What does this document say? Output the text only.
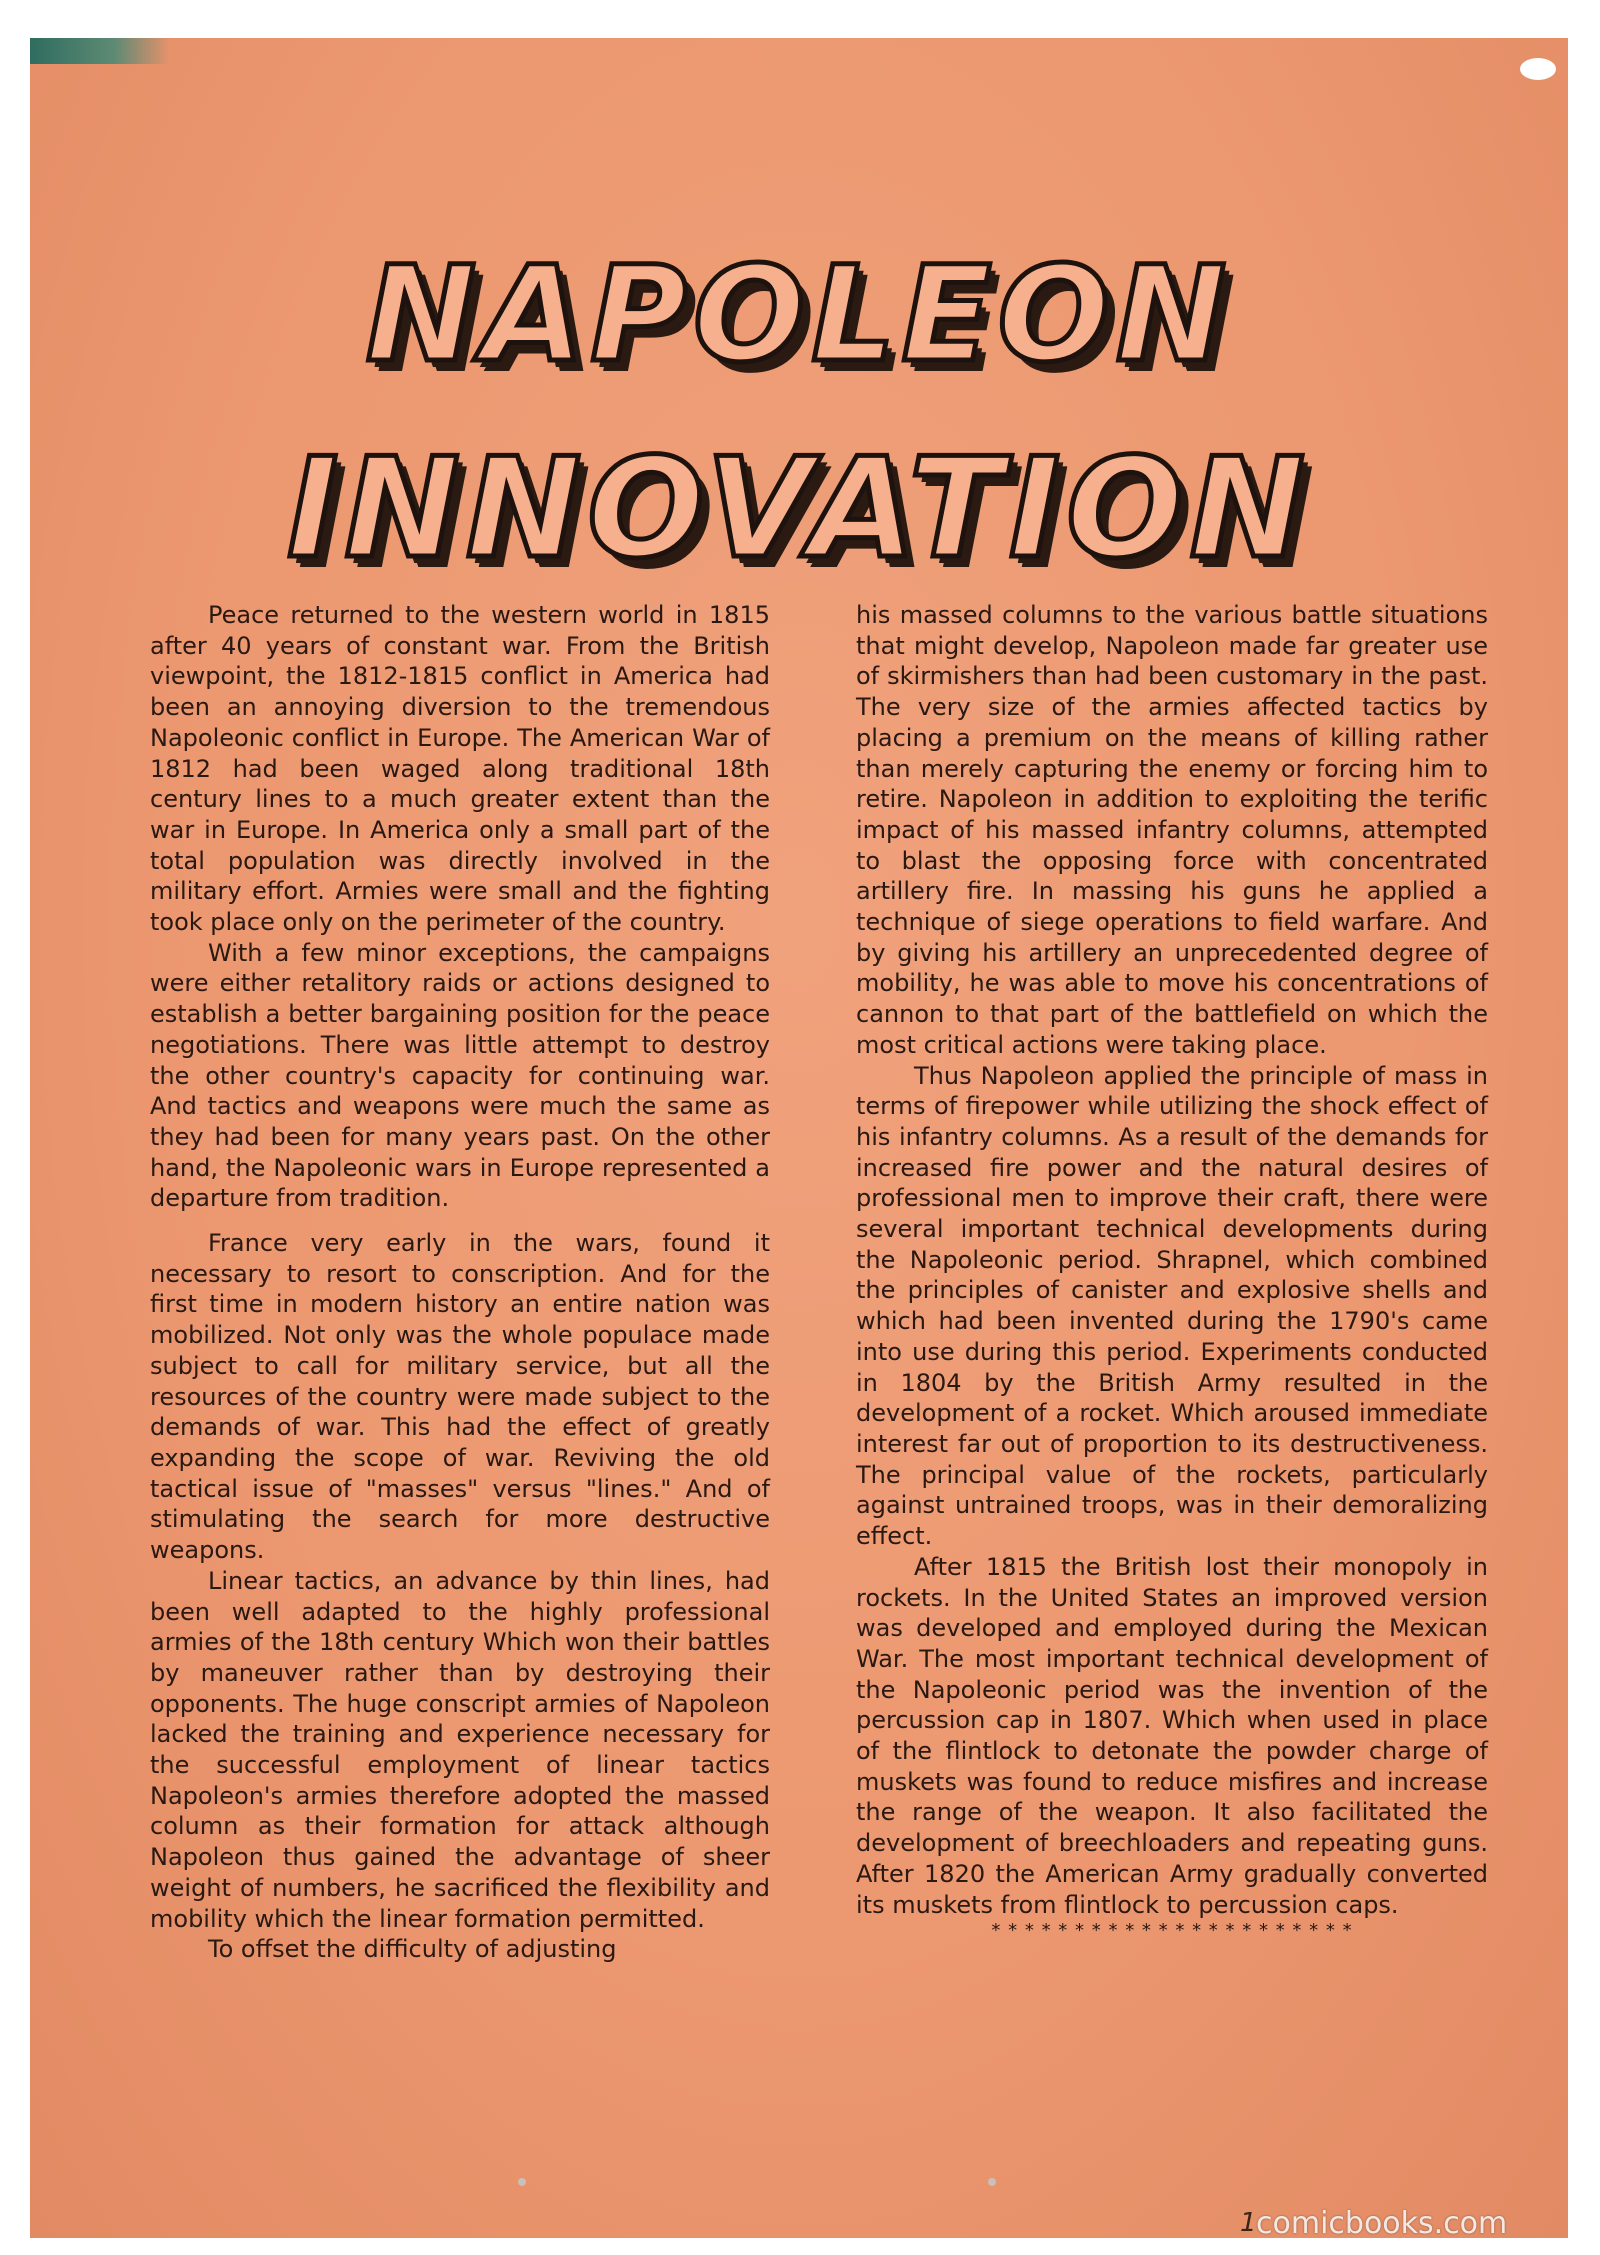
NAPOLEON
INNOVATION

Peace returned to the western world in 1815 after 40 years of constant war. From the British viewpoint, the 1812-1815 conflict in America had been an annoying diversion to the tremendous Napoleonic conflict in Europe. The American War of 1812 had been waged along traditional 18th century lines to a much greater extent than the war in Europe. In America only a small part of the total population was directly involved in the military effort. Armies were small and the fighting took place only on the perimeter of the country.

With a few minor exceptions, the campaigns were either retalitory raids or actions designed to establish a better bargaining position for the peace negotiations. There was little attempt to destroy the other country's capacity for continuing war. And tactics and weapons were much the same as they had been for many years past. On the other hand, the Napoleonic wars in Europe represented a departure from tradition.

France very early in the wars, found it necessary to resort to conscription. And for the first time in modern history an entire nation was mobilized. Not only was the whole populace made subject to call for military service, but all the resources of the country were made subject to the demands of war. This had the effect of greatly expanding the scope of war. Reviving the old tactical issue of "masses" versus "lines." And of stimulating the search for more destructive weapons.

Linear tactics, an advance by thin lines, had been well adapted to the highly professional armies of the 18th century Which won their battles by maneuver rather than by destroying their opponents. The huge conscript armies of Napoleon lacked the training and experience necessary for the successful employment of linear tactics Napoleon's armies therefore adopted the massed column as their formation for attack although Napoleon thus gained the advantage of sheer weight of numbers, he sacrificed the flexibility and mobility which the linear formation permitted.

To offset the difficulty of adjusting

his massed columns to the various battle situations that might develop, Napoleon made far greater use of skirmishers than had been customary in the past. The very size of the armies affected tactics by placing a premium on the means of killing rather than merely capturing the enemy or forcing him to retire. Napoleon in addition to exploiting the terific impact of his massed infantry columns, attempted to blast the opposing force with concentrated artillery fire. In massing his guns he applied a technique of siege operations to field warfare. And by giving his artillery an unprecedented degree of mobility, he was able to move his concentrations of cannon to that part of the battlefield on which the most critical actions were taking place.

Thus Napoleon applied the principle of mass in terms of firepower while utilizing the shock effect of his infantry columns. As a result of the demands for increased fire power and the natural desires of professional men to improve their craft, there were several important technical developments during the Napoleonic period. Shrapnel, which combined the principles of canister and explosive shells and which had been invented during the 1790's came into use during this period. Experiments conducted in 1804 by the British Army resulted in the development of a rocket. Which aroused immediate interest far out of proportion to its destructiveness. The principal value of the rockets, particularly against untrained troops, was in their demoralizing effect.

After 1815 the British lost their monopoly in rockets. In the United States an improved version was developed and employed during the Mexican War. The most important technical development of the Napoleonic period was the invention of the percussion cap in 1807. Which when used in place of the flintlock to detonate the powder charge of muskets was found to reduce misfires and increase the range of the weapon. It also facilitated the development of breechloaders and repeating guns. After 1820 the American Army gradually converted its muskets from flintlock to percussion caps.

* * * * * * * * * * * * * * * * * * * * * *
1 comicbooks.com
